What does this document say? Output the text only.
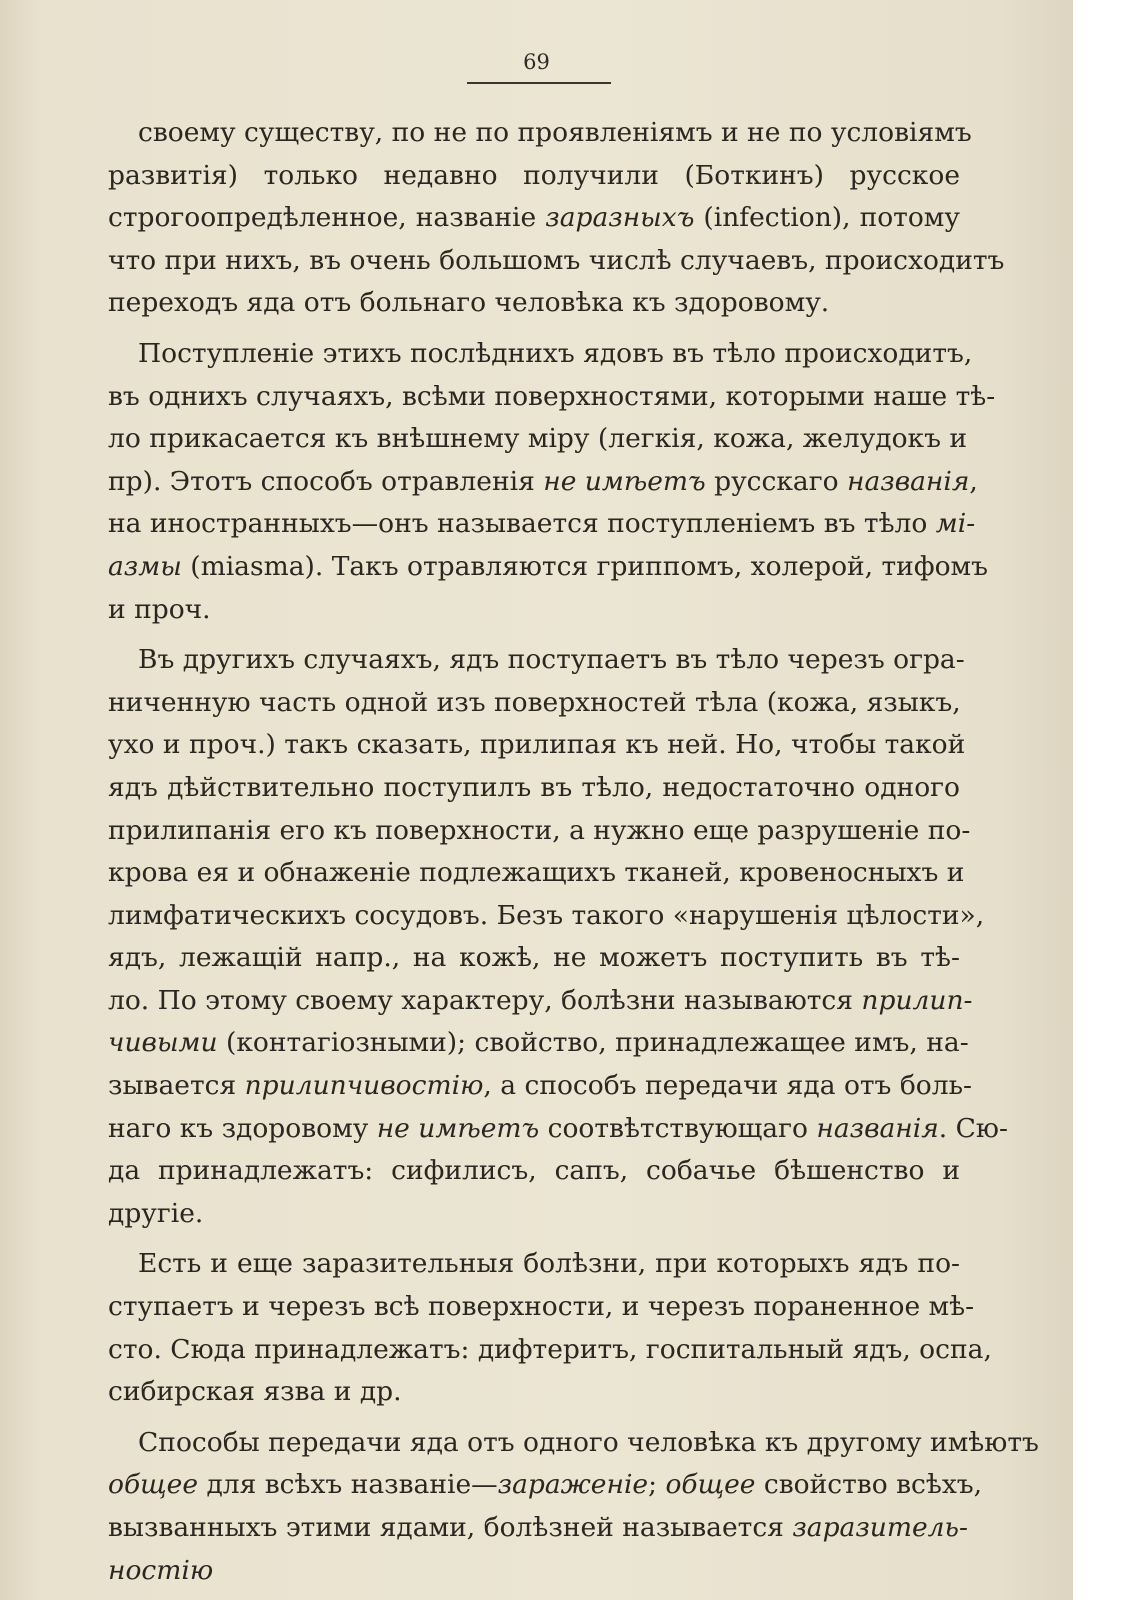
69
своему существу, по не по проявленіямъ и не по условіямъ
развитія) только недавно получили (Боткинъ) русское
строгоопредѣленное, названіе заразныхъ (infection), потому
что при нихъ, въ очень большомъ числѣ случаевъ, происходитъ
переходъ яда отъ больнаго человѣка къ здоровому.
Поступленіе этихъ послѣднихъ ядовъ въ тѣло происходитъ,
въ однихъ случаяхъ, всѣми поверхностями, которыми наше тѣ-
ло прикасается къ внѣшнему міру (легкія, кожа, желудокъ и
пр). Этотъ способъ отравленія не имѣетъ русскаго названія,
на иностранныхъ—онъ называется поступленіемъ въ тѣло мі-
азмы (miasma). Такъ отравляются гриппомъ, холерой, тифомъ
и проч.
Въ другихъ случаяхъ, ядъ поступаетъ въ тѣло черезъ огра-
ниченную часть одной изъ поверхностей тѣла (кожа, языкъ,
ухо и проч.) такъ сказать, прилипая къ ней. Но, чтобы такой
ядъ дѣйствительно поступилъ въ тѣло, недостаточно одного
прилипанія его къ поверхности, а нужно еще разрушеніе по-
крова ея и обнаженіе подлежащихъ тканей, кровеносныхъ и
лимфатическихъ сосудовъ. Безъ такого «нарушенія цѣлости»,
ядъ, лежащій напр., на кожѣ, не можетъ поступить въ тѣ-
ло. По этому своему характеру, болѣзни называются прилип-
чивыми (контагіозными); свойство, принадлежащее имъ, на-
зывается прилипчивостію, а способъ передачи яда отъ боль-
наго къ здоровому не имѣетъ соотвѣтствующаго названія. Сю-
да принадлежатъ: сифилисъ, сапъ, собачье бѣшенство и
другіе.
Есть и еще заразительныя болѣзни, при которыхъ ядъ по-
ступаетъ и черезъ всѣ поверхности, и черезъ пораненное мѣ-
сто. Сюда принадлежатъ: дифтеритъ, госпитальный ядъ, оспа,
сибирская язва и др.
Способы передачи яда отъ одного человѣка къ другому имѣютъ
общее для всѣхъ названіе—зараженіе; общее свойство всѣхъ,
вызванныхъ этими ядами, болѣзней называется заразитель-
ностію
